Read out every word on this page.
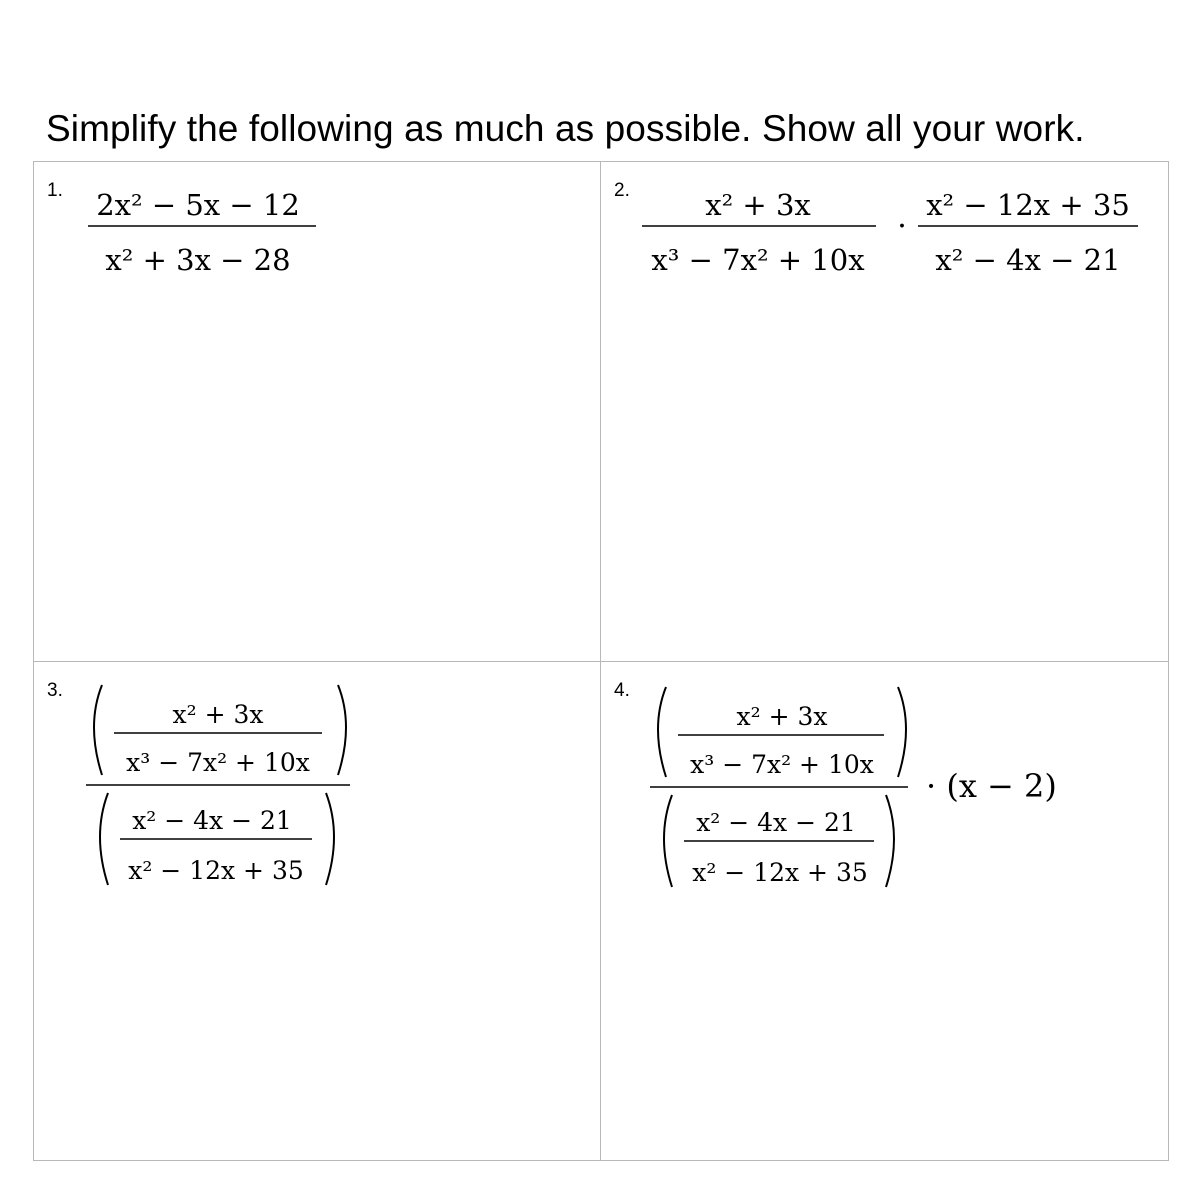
Simplify the following as much as possible. Show all your work.
1. 2x² − 5x − 12
x² + 3x − 28
2.	x² + 3x
x³ − 7x² + 10x
·
x² − 12x + 35
x² − 4x − 21
3.
x² + 3x
x³ − 7x² + 10x
x² − 4x − 21
x² − 12x + 35
4.
x² + 3x
x³ − 7x² + 10x
x² − 4x − 21
x² − 12x + 35
· (x − 2)
